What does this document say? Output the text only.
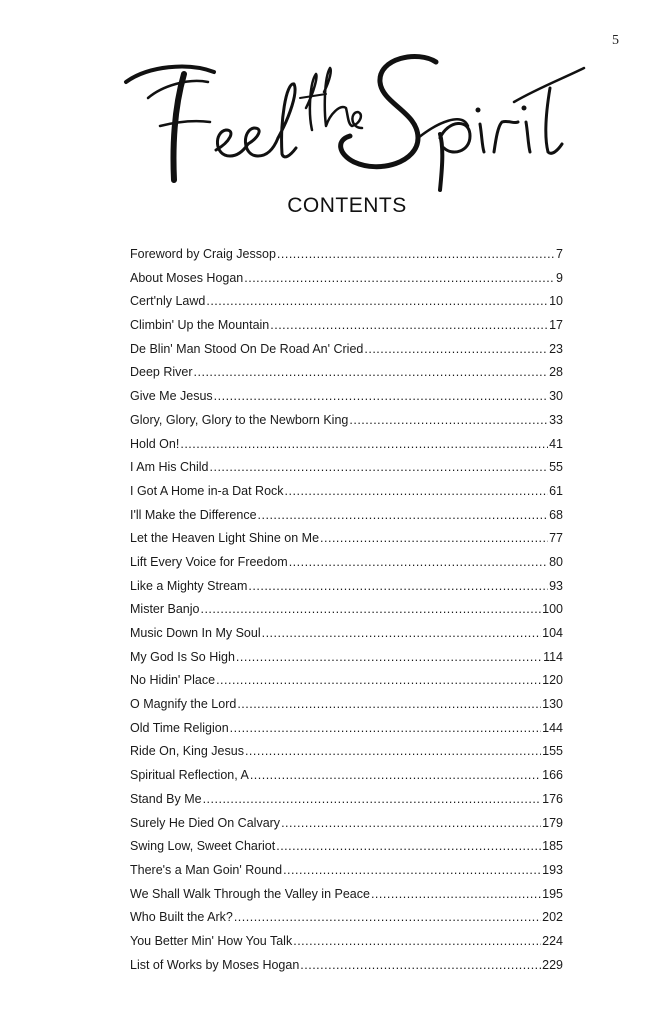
5
CONTENTS
Foreword by Craig Jessop .....	7
About Moses Hogan .....	9
Cert'nly Lawd .....	10
Climbin' Up the Mountain .....	17
De Blin' Man Stood On De Road An' Cried .....	23
Deep River .....	28
Give Me Jesus .....	30
Glory, Glory, Glory to the Newborn King .....	33
Hold On! .....	41
I Am His Child .....	55
I Got A Home in-a Dat Rock .....	61
I'll Make the Difference .....	68
Let the Heaven Light Shine on Me .....	77
Lift Every Voice for Freedom .....	80
Like a Mighty Stream .....	93
Mister Banjo .....	100
Music Down In My Soul .....	104
My God Is So High .....	114
No Hidin' Place .....	120
O Magnify the Lord .....	130
Old Time Religion .....	144
Ride On, King Jesus .....	155
Spiritual Reflection, A .....	166
Stand By Me .....	176
Surely He Died On Calvary .....	179
Swing Low, Sweet Chariot .....	185
There's a Man Goin' Round .....	193
We Shall Walk Through the Valley in Peace .....	195
Who Built the Ark? .....	202
You Better Min' How You Talk .....	224
List of Works by Moses Hogan .....	229
